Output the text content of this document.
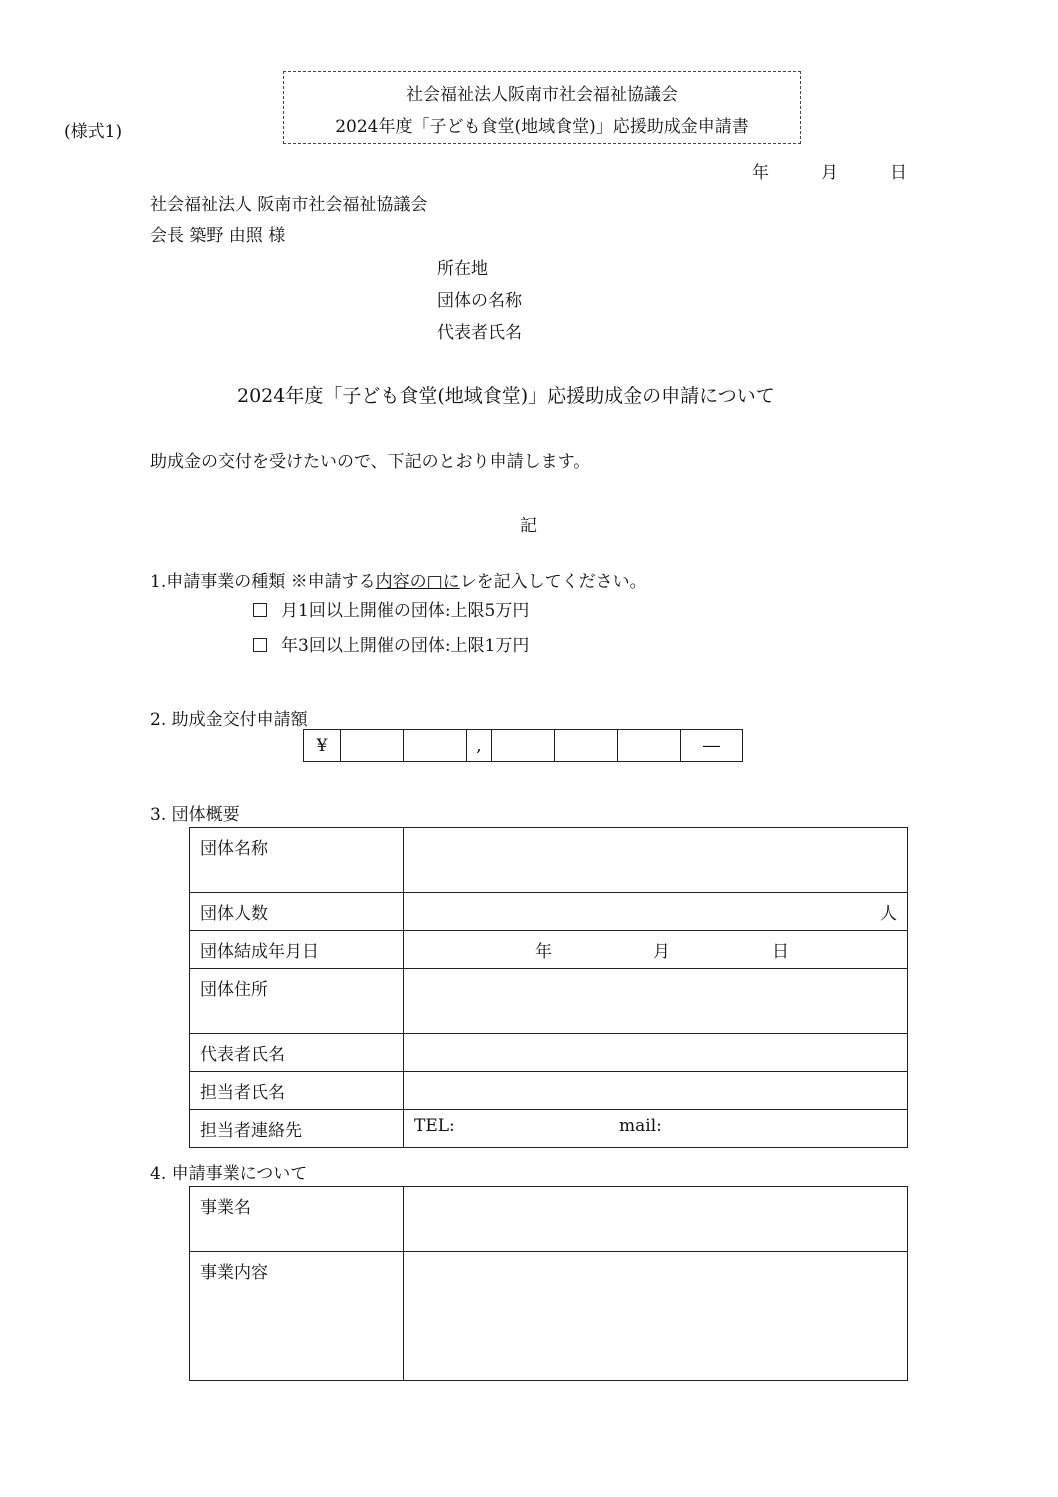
(様式1)
社会福祉法人阪南市社会福祉協議会
2024年度「子ども食堂(地域食堂)」応援助成金申請書
年	月	日
社会福祉法人 阪南市社会福祉協議会
会長 築野 由照 様
所在地
団体の名称
代表者氏名
2024年度「子ども食堂(地域食堂)」応援助成金の申請について
助成金の交付を受けたいので、下記のとおり申請します。
記
1.申請事業の種類 ※申請する内容の□にレを記入してください。
月1回以上開催の団体:上限5万円
年3回以上開催の団体:上限1万円
2. 助成金交付申請額
¥			,				―
3. 団体概要
団体名称	
団体人数	人
団体結成年月日	年 月 日

団体住所	
代表者氏名	
担当者氏名	
担当者連絡先	TEL: mail:
4. 申請事業について
事業名	
事業内容	
